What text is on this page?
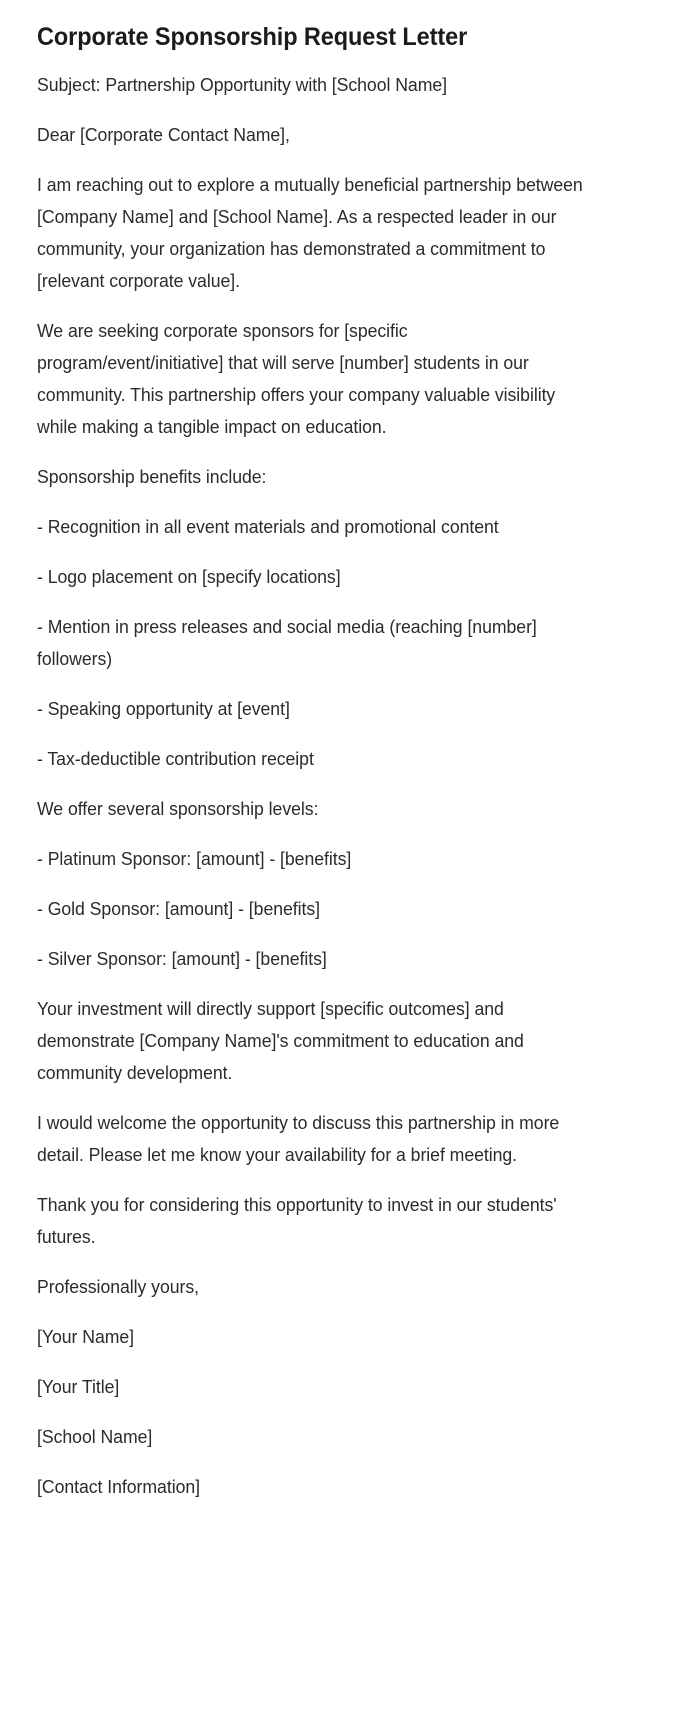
Corporate Sponsorship Request Letter

Subject: Partnership Opportunity with [School Name]

Dear [Corporate Contact Name],

I am reaching out to explore a mutually beneficial partnership between [Company Name] and [School Name]. As a respected leader in our community, your organization has demonstrated a commitment to [relevant corporate value].

We are seeking corporate sponsors for [specific program/event/initiative] that will serve [number] students in our community. This partnership offers your company valuable visibility while making a tangible impact on education.

Sponsorship benefits include:

- Recognition in all event materials and promotional content

- Logo placement on [specify locations]

- Mention in press releases and social media (reaching [number] followers)

- Speaking opportunity at [event]

- Tax-deductible contribution receipt

We offer several sponsorship levels:

- Platinum Sponsor: [amount] - [benefits]

- Gold Sponsor: [amount] - [benefits]

- Silver Sponsor: [amount] - [benefits]

Your investment will directly support [specific outcomes] and demonstrate [Company Name]'s commitment to education and community development.

I would welcome the opportunity to discuss this partnership in more detail. Please let me know your availability for a brief meeting.

Thank you for considering this opportunity to invest in our students' futures.

Professionally yours,

[Your Name]

[Your Title]

[School Name]

[Contact Information]
